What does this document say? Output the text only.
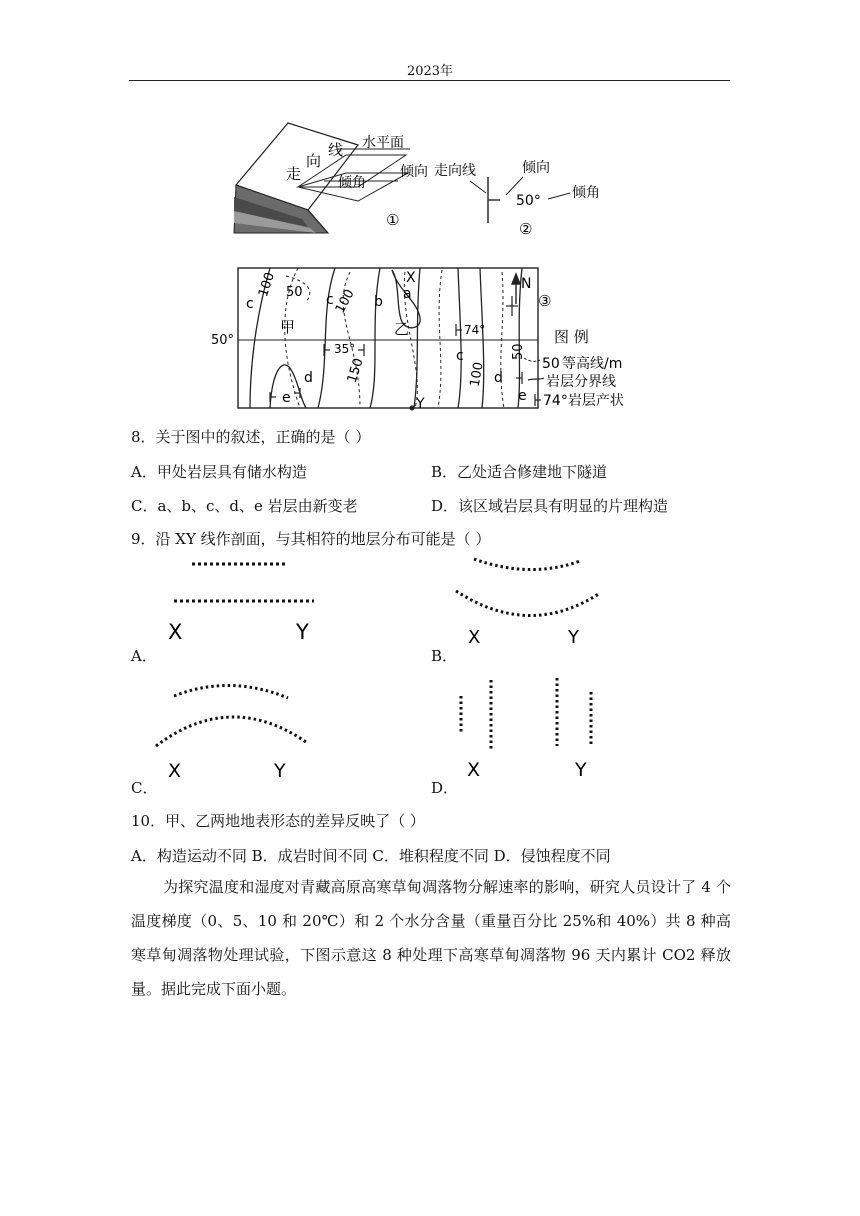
2023年
走
向
线 水平面
倾角
倾向
①
走向线	倾向
50° 倾角
②
N
③
50°
100 50 100
150	100
50
c	c	b a
c
d	d
e	e
甲	乙
X
Y
74°
35°
图 例
50 等高线/m
岩层分界线
74°岩层产状
8．关于图中的叙述，正确的是（ ）
A．甲处岩层具有储水构造	B．乙处适合修建地下隧道
C．a、b、c、d、e 岩层由新变老	D．该区域岩层具有明显的片理构造
9．沿 XY 线作剖面，与其相符的地层分布可能是（ ）
X	Y
A．
X	Y
B．
X	Y
C．
X	Y
D．
10．甲、乙两地地表形态的差异反映了（ ）
A．构造运动不同 B．成岩时间不同 C．堆积程度不同 D．侵蚀程度不同
为探究温度和湿度对青藏高原高寒草甸凋落物分解速率的影响，研究人员设计了 4 个温度梯度（0、5、10 和 20℃）和 2 个水分含量（重量百分比 25%和 40%）共 8 种高寒草甸凋落物处理试验，下图示意这 8 种处理下高寒草甸凋落物 96 天内累计 CO2 释放量。据此完成下面小题。
